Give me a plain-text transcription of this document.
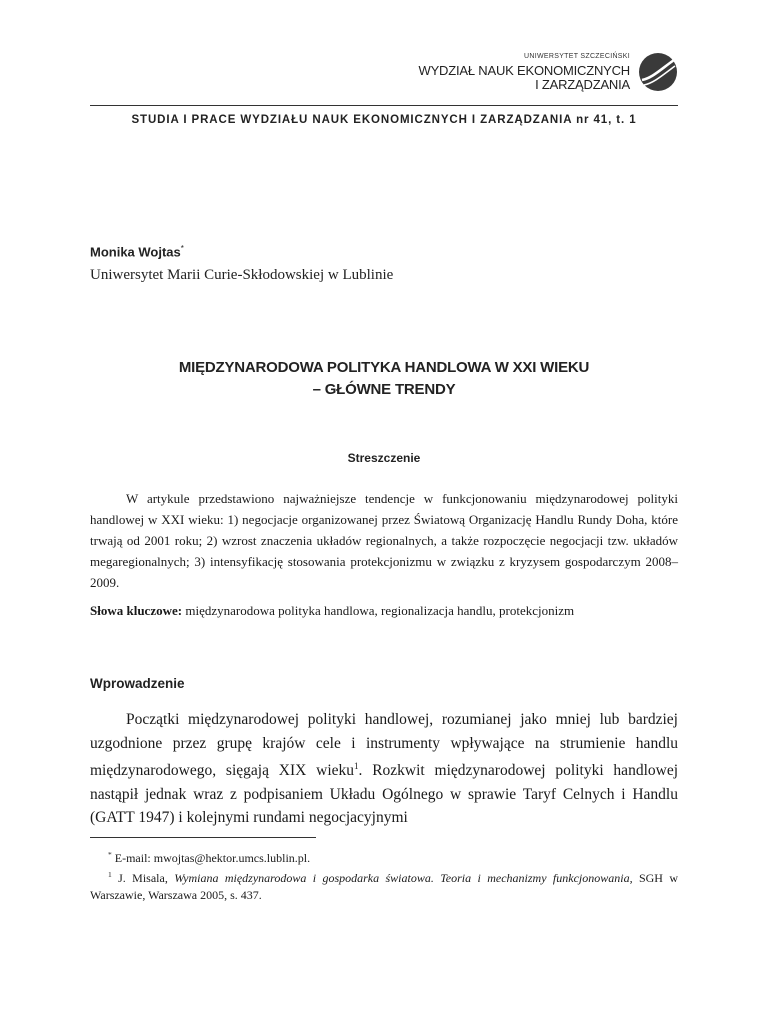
UNIWERSYTET SZCZECIŃSKI
WYDZIAŁ NAUK EKONOMICZNYCH
I ZARZĄDZANIA
STUDIA I PRACE WYDZIAŁU NAUK EKONOMICZNYCH I ZARZĄDZANIA nr 41, t. 1
Monika Wojtas*
Uniwersytet Marii Curie-Skłodowskiej w Lublinie
MIĘDZYNARODOWA POLITYKA HANDLOWA W XXI WIEKU
– GŁÓWNE TRENDY
Streszczenie

W artykule przedstawiono najważniejsze tendencje w funkcjonowaniu międzynarodowej polityki handlowej w XXI wieku: 1) negocjacje organizowanej przez Światową Organizację Handlu Rundy Doha, które trwają od 2001 roku; 2) wzrost znaczenia układów regionalnych, a także rozpoczęcie negocjacji tzw. układów megaregionalnych; 3) intensyfikację stosowania protekcjonizmu w związku z kryzysem gospodarczym 2008–2009.

Słowa kluczowe: międzynarodowa polityka handlowa, regionalizacja handlu, protekcjonizm

Wprowadzenie

Początki międzynarodowej polityki handlowej, rozumianej jako mniej lub bardziej uzgodnione przez grupę krajów cele i instrumenty wpływające na strumienie handlu międzynarodowego, sięgają XIX wieku$^1$. Rozkwit międzynarodowej polityki handlowej nastąpił jednak wraz z podpisaniem Układu Ogólnego w sprawie Taryf Celnych i Handlu (GATT 1947) i kolejnymi rundami negocjacyjnymi

* E-mail: mwojtas@hektor.umcs.lublin.pl.

$^1$ J. Misala, Wymiana międzynarodowa i gospodarka światowa. Teoria i mechanizmy funkcjonowania, SGH w Warszawie, Warszawa 2005, s. 437.
